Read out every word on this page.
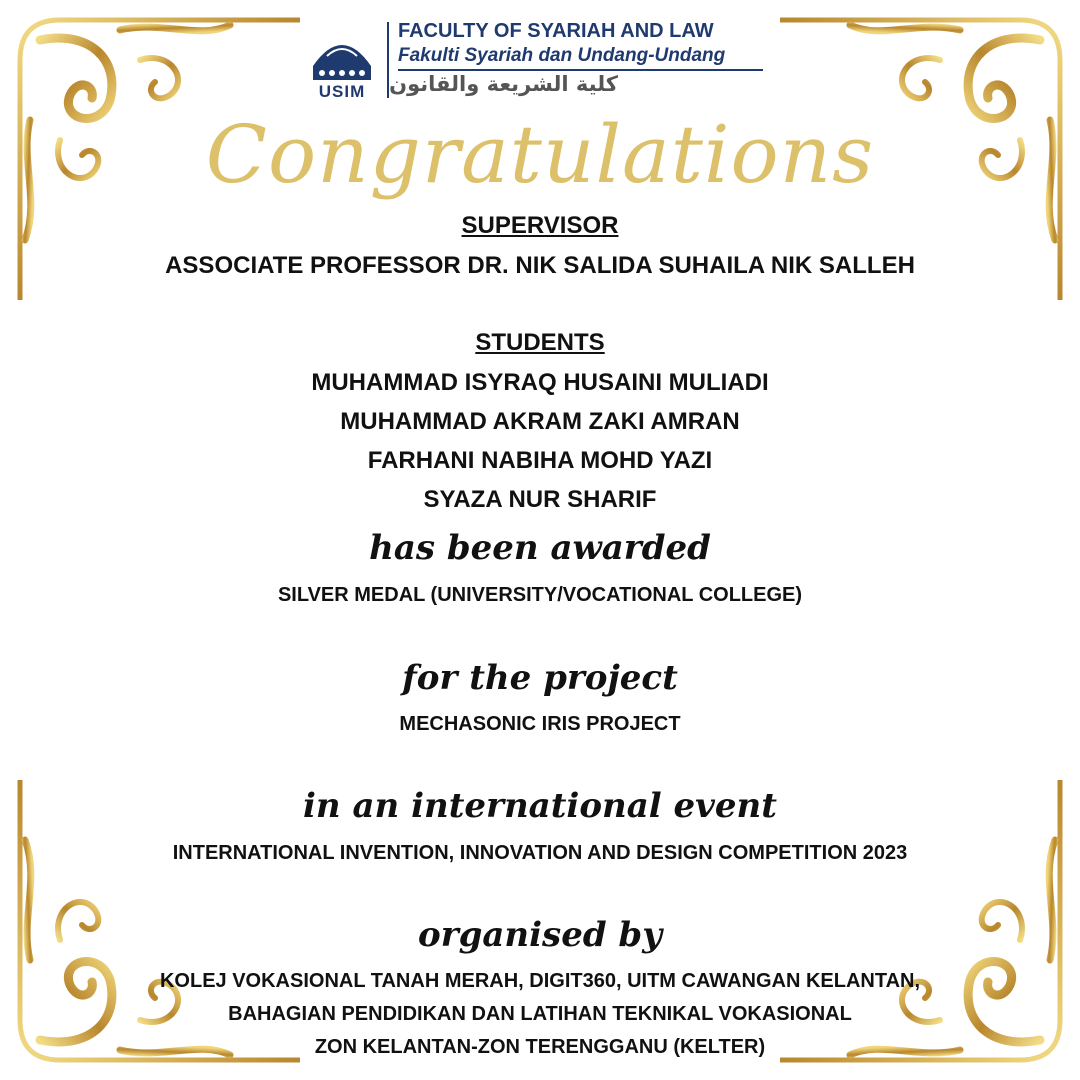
USIM
FACULTY OF SYARIAH AND LAW
Fakulti Syariah dan Undang-Undang
كلية الشريعة والقانون
Congratulations
SUPERVISOR
ASSOCIATE PROFESSOR DR. NIK SALIDA SUHAILA NIK SALLEH
STUDENTS
MUHAMMAD ISYRAQ HUSAINI MULIADI
MUHAMMAD AKRAM ZAKI AMRAN
FARHANI NABIHA MOHD YAZI
SYAZA NUR SHARIF
has been awarded
SILVER MEDAL (UNIVERSITY/VOCATIONAL COLLEGE)
for the project
MECHASONIC IRIS PROJECT
in an international event
INTERNATIONAL INVENTION, INNOVATION AND DESIGN COMPETITION 2023
organised by
KOLEJ VOKASIONAL TANAH MERAH, DIGIT360, UITM CAWANGAN KELANTAN,
BAHAGIAN PENDIDIKAN DAN LATIHAN TEKNIKAL VOKASIONAL
ZON KELANTAN-ZON TERENGGANU (KELTER)
